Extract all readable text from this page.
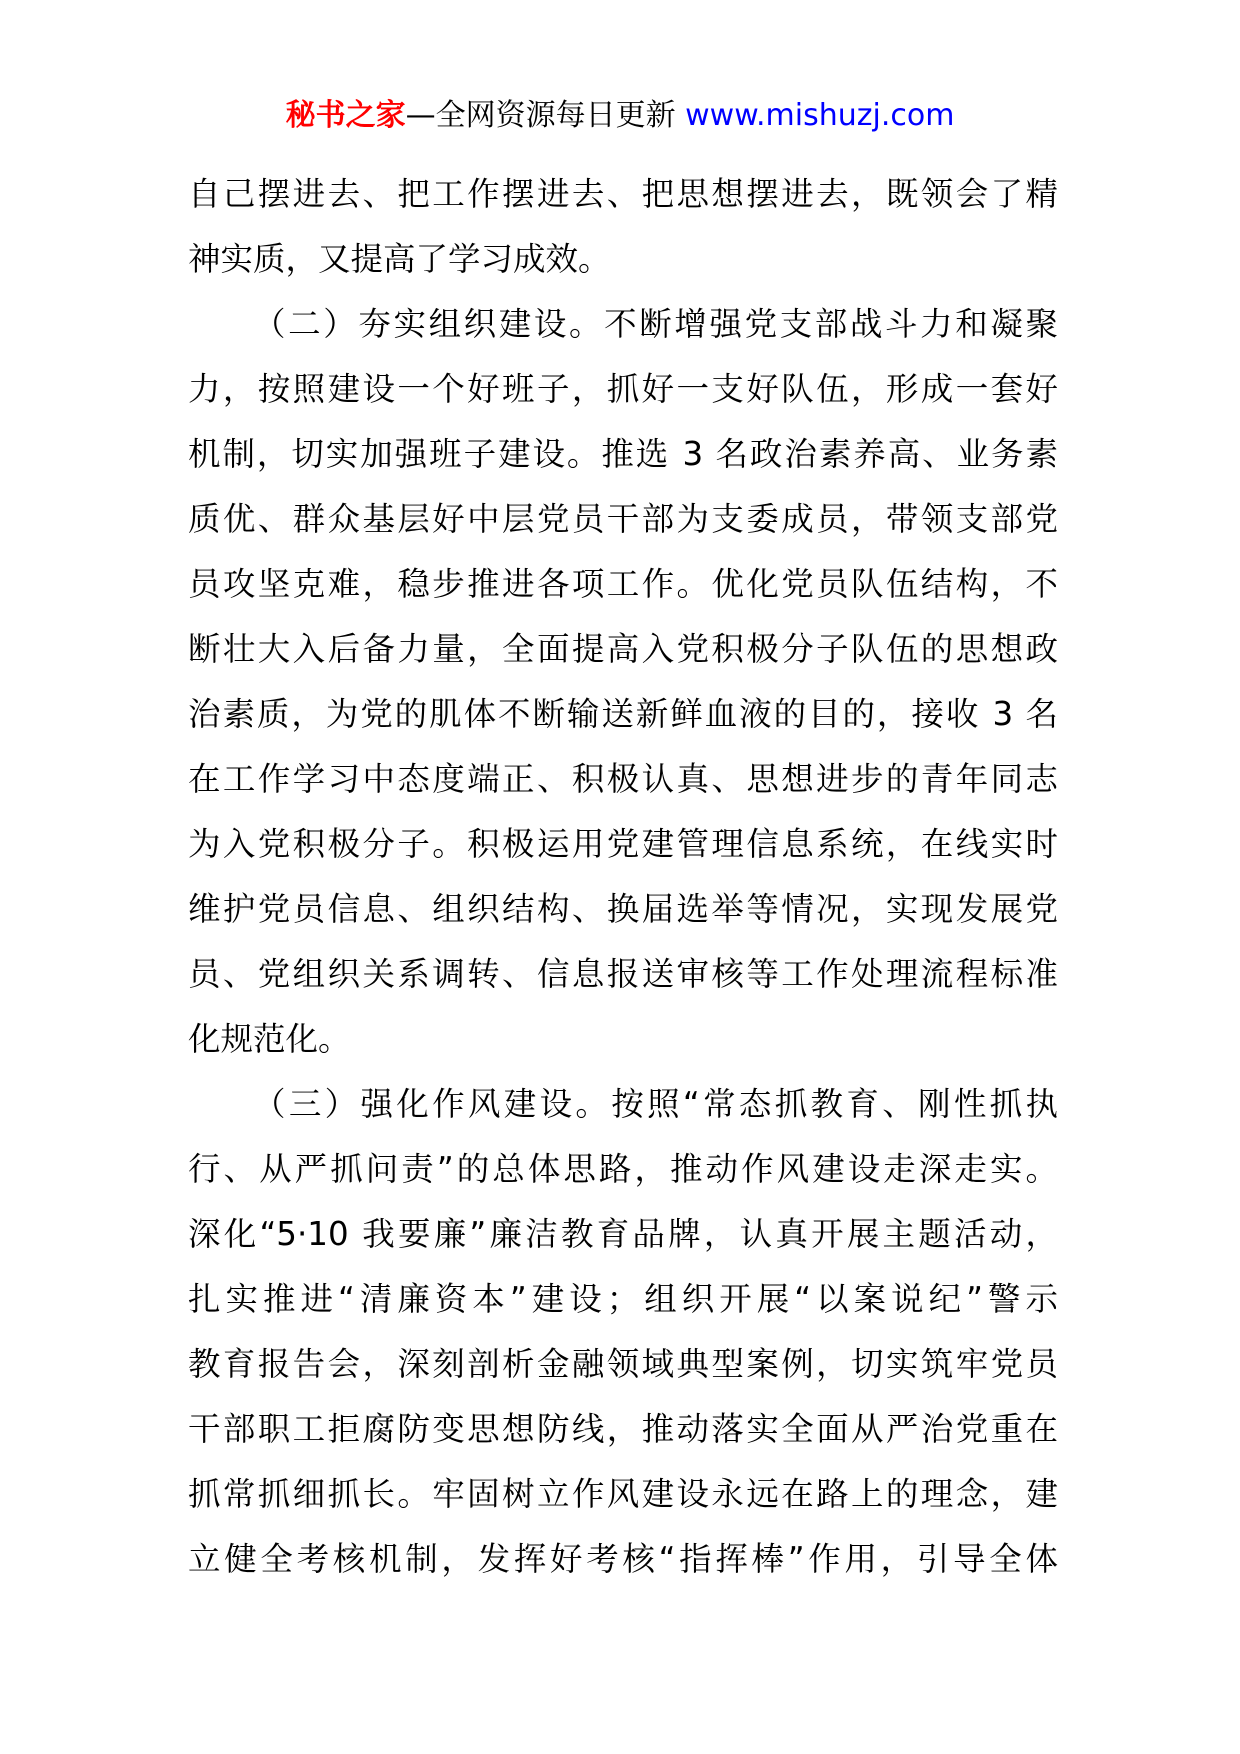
秘书之家—全网资源每日更新 www.mishuzj.com
自己摆进去、把工作摆进去、把思想摆进去，既领会了精
神实质，又提高了学习成效。
（二）夯实组织建设。不断增强党支部战斗力和凝聚
力，按照建设一个好班子，抓好一支好队伍，形成一套好
机制，切实加强班子建设。推选 3 名政治素养高、业务素
质优、群众基层好中层党员干部为支委成员，带领支部党
员攻坚克难，稳步推进各项工作。优化党员队伍结构，不
断壮大入后备力量，全面提高入党积极分子队伍的思想政
治素质，为党的肌体不断输送新鲜血液的目的，接收 3 名
在工作学习中态度端正、积极认真、思想进步的青年同志
为入党积极分子。积极运用党建管理信息系统，在线实时
维护党员信息、组织结构、换届选举等情况，实现发展党
员、党组织关系调转、信息报送审核等工作处理流程标准
化规范化。
（三）强化作风建设。按照“常态抓教育、刚性抓执
行、从严抓问责”的总体思路，推动作风建设走深走实。
深化“5·10 我要廉”廉洁教育品牌，认真开展主题活动，
扎实推进“清廉资本”建设；组织开展“以案说纪”警示
教育报告会，深刻剖析金融领域典型案例，切实筑牢党员
干部职工拒腐防变思想防线，推动落实全面从严治党重在
抓常抓细抓长。牢固树立作风建设永远在路上的理念，建
立健全考核机制，发挥好考核“指挥棒”作用，引导全体
